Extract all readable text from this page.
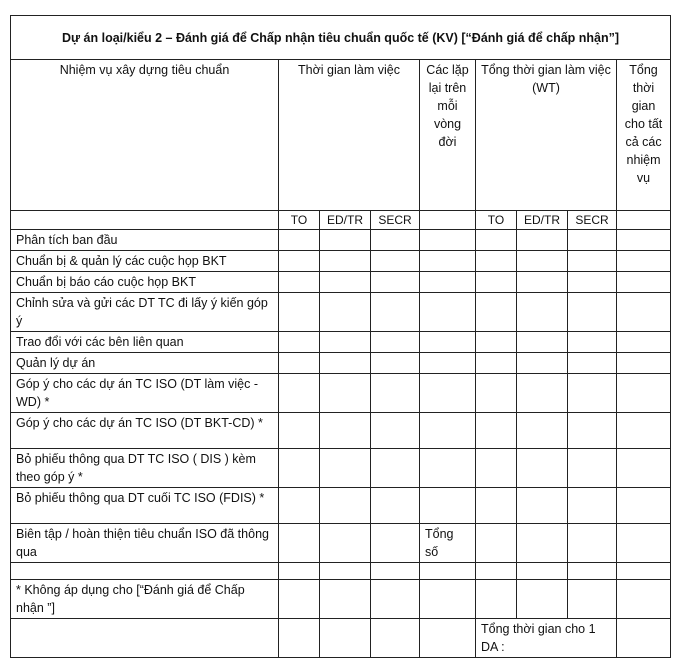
Dự án loại/kiểu 2 – Đánh giá để Chấp nhận tiêu chuẩn quốc tế (KV) [“Đánh giá để chấp nhận”]								
Nhiệm vụ xây dựng tiêu chuẩn	Thời gian làm việc			Các lặp lại trên mỗi vòng đời	Tổng thời gian làm việc (WT)			Tổng thời gian cho tất cả các nhiệm vụ
	TO	ED/TR	SECR		TO	ED/TR	SECR	
Phân tích ban đầu								
Chuẩn bị & quản lý các cuộc họp BKT								
Chuẩn bị báo cáo cuộc họp BKT								
Chỉnh sửa và gửi các DT TC đi lấy ý kiến góp ý								
Trao đổi với các bên liên quan								
Quản lý dự án								
Góp ý cho các dự án TC ISO (DT làm việc -WD) *								
Góp ý cho các dự án TC ISO (DT BKT-CD) *								
Bỏ phiếu thông qua DT TC ISO ( DIS ) kèm theo góp ý *								
Bỏ phiếu thông qua DT cuối TC ISO (FDIS) *								
Biên tập / hoàn thiện tiêu chuẩn ISO đã thông qua				Tổng số				

* Không áp dụng cho [“Đánh giá để Chấp nhận ”]								
					Tổng thời gian cho 1 DA :			
